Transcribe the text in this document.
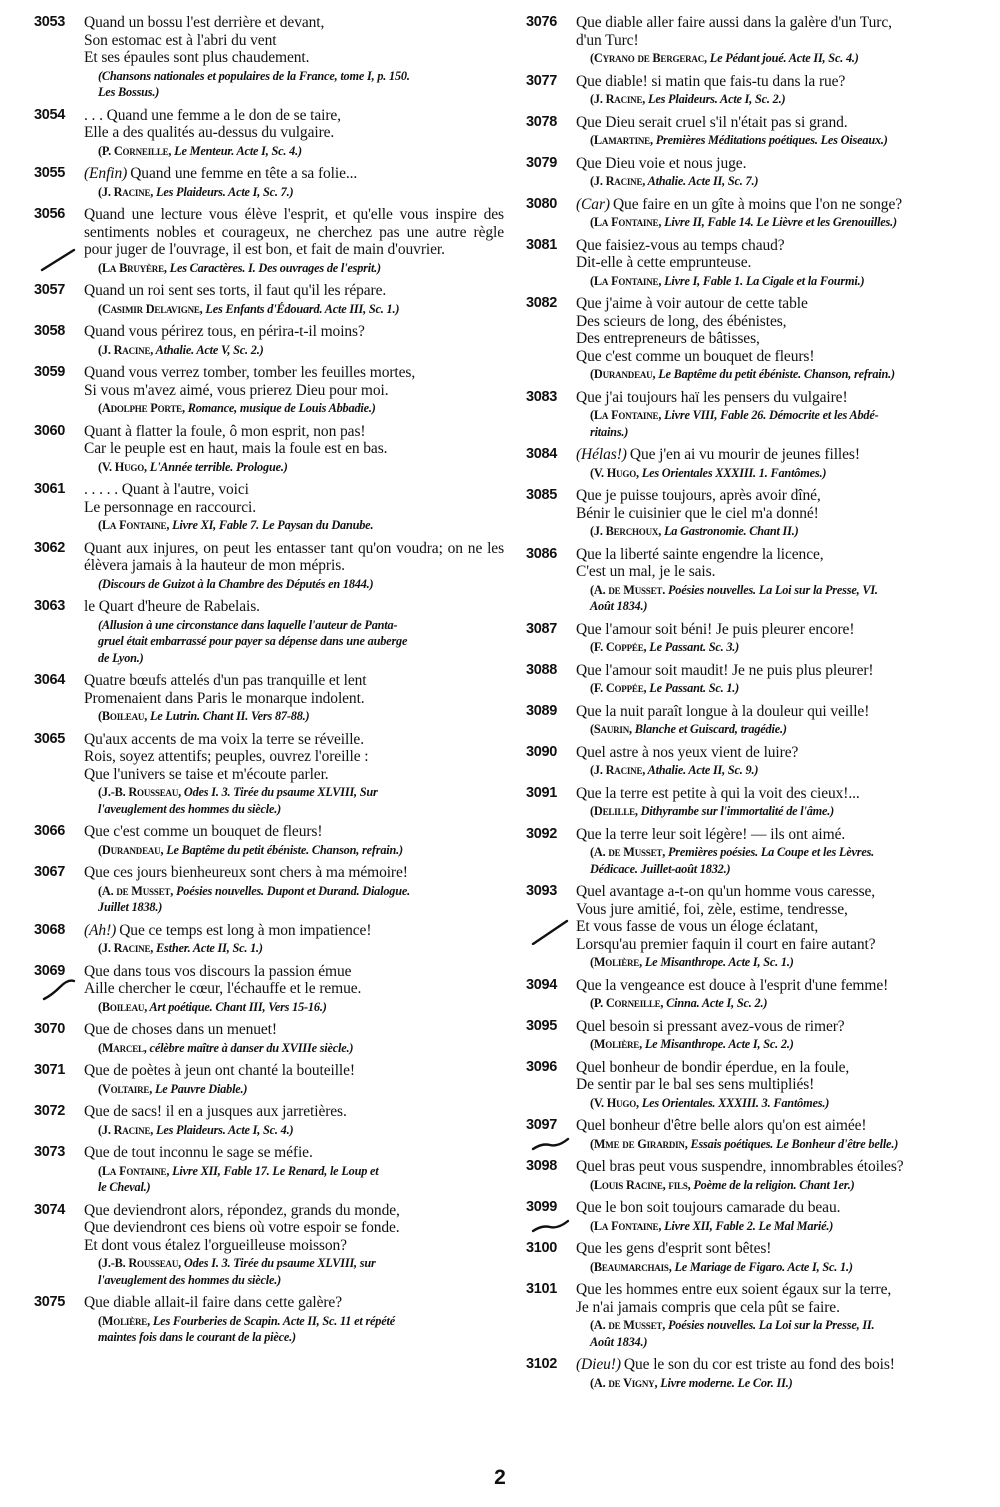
3053	Quand un bossu l'est derrière et devant,
Son estomac est à l'abri du vent
Et ses épaules sont plus chaudement.
(Chansons nationales et populaires de la France, tome I, p. 150.
Les Bossus.)
3054	. . . Quand une femme a le don de se taire,
Elle a des qualités au-dessus du vulgaire.
(P. Corneille, Le Menteur. Acte I, Sc. 4.)
3055	(Enfin) Quand une femme en tête a sa folie...
(J. Racine, Les Plaideurs. Acte I, Sc. 7.)
3056	Quand une lecture vous élève l'esprit, et qu'elle vous inspire des sentiments nobles et courageux, ne cherchez pas une autre règle pour juger de l'ouvrage, il est bon, et fait de main d'ouvrier.
(La Bruyère, Les Caractères. I. Des ouvrages de l'esprit.)
3057	Quand un roi sent ses torts, il faut qu'il les répare.
(Casimir Delavigne, Les Enfants d'Édouard. Acte III, Sc. 1.)
3058	Quand vous périrez tous, en périra-t-il moins?
(J. Racine, Athalie. Acte V, Sc. 2.)
3059	Quand vous verrez tomber, tomber les feuilles mortes,
Si vous m'avez aimé, vous prierez Dieu pour moi.
(Adolphe Porte, Romance, musique de Louis Abbadie.)
3060	Quant à flatter la foule, ô mon esprit, non pas!
Car le peuple est en haut, mais la foule est en bas.
(V. Hugo, L'Année terrible. Prologue.)
3061	. . . . . Quant à l'autre, voici
Le personnage en raccourci.
(La Fontaine, Livre XI, Fable 7. Le Paysan du Danube.
3062	Quant aux injures, on peut les entasser tant qu'on voudra; on ne les élèvera jamais à la hauteur de mon mépris.
(Discours de Guizot à la Chambre des Députés en 1844.)
3063	le Quart d'heure de Rabelais.
(Allusion à une circonstance dans laquelle l'auteur de Panta-
gruel était embarrassé pour payer sa dépense dans une auberge
de Lyon.)
3064	Quatre bœufs attelés d'un pas tranquille et lent
Promenaient dans Paris le monarque indolent.
(Boileau, Le Lutrin. Chant II. Vers 87-88.)
3065	Qu'aux accents de ma voix la terre se réveille.
Rois, soyez attentifs; peuples, ouvrez l'oreille :
Que l'univers se taise et m'écoute parler.
(J.-B. Rousseau, Odes I. 3. Tirée du psaume XLVIII, Sur
l'aveuglement des hommes du siècle.)
3066	Que c'est comme un bouquet de fleurs!
(Durandeau, Le Baptême du petit ébéniste. Chanson, refrain.)
3067	Que ces jours bienheureux sont chers à ma mémoire!
(A. de Musset, Poésies nouvelles. Dupont et Durand. Dialogue.
Juillet 1838.)
3068	(Ah!) Que ce temps est long à mon impatience!
(J. Racine, Esther. Acte II, Sc. 1.)
3069	Que dans tous vos discours la passion émue
Aille chercher le cœur, l'échauffe et le remue.
(Boileau, Art poétique. Chant III, Vers 15-16.)
3070	Que de choses dans un menuet!
(Marcel, célèbre maître à danser du XVIIIe siècle.)
3071	Que de poètes à jeun ont chanté la bouteille!
(Voltaire, Le Pauvre Diable.)
3072	Que de sacs! il en a jusques aux jarretières.
(J. Racine, Les Plaideurs. Acte I, Sc. 4.)
3073	Que de tout inconnu le sage se méfie.
(La Fontaine, Livre XII, Fable 17. Le Renard, le Loup et
le Cheval.)
3074	Que deviendront alors, répondez, grands du monde,
Que deviendront ces biens où votre espoir se fonde.
Et dont vous étalez l'orgueilleuse moisson?
(J.-B. Rousseau, Odes I. 3. Tirée du psaume XLVIII, sur
l'aveuglement des hommes du siècle.)
3075	Que diable allait-il faire dans cette galère?
(Molière, Les Fourberies de Scapin. Acte II, Sc. 11 et répété
maintes fois dans le courant de la pièce.)
3076	Que diable aller faire aussi dans la galère d'un Turc,
d'un Turc!
(Cyrano de Bergerac, Le Pédant joué. Acte II, Sc. 4.)
3077	Que diable! si matin que fais-tu dans la rue?
(J. Racine, Les Plaideurs. Acte I, Sc. 2.)
3078	Que Dieu serait cruel s'il n'était pas si grand.
(Lamartine, Premières Méditations poétiques. Les Oiseaux.)
3079	Que Dieu voie et nous juge.
(J. Racine, Athalie. Acte II, Sc. 7.)
3080	(Car) Que faire en un gîte à moins que l'on ne songe?
(La Fontaine, Livre II, Fable 14. Le Lièvre et les Grenouilles.)
3081	Que faisiez-vous au temps chaud?
Dit-elle à cette emprunteuse.
(La Fontaine, Livre I, Fable 1. La Cigale et la Fourmi.)
3082	Que j'aime à voir autour de cette table
Des scieurs de long, des ébénistes,
Des entrepreneurs de bâtisses,
Que c'est comme un bouquet de fleurs!
(Durandeau, Le Baptême du petit ébéniste. Chanson, refrain.)
3083	Que j'ai toujours haï les pensers du vulgaire!
(La Fontaine, Livre VIII, Fable 26. Démocrite et les Abdé-
ritains.)
3084	(Hélas!) Que j'en ai vu mourir de jeunes filles!
(V. Hugo, Les Orientales XXXIII. 1. Fantômes.)
3085	Que je puisse toujours, après avoir dîné,
Bénir le cuisinier que le ciel m'a donné!
(J. Berchoux, La Gastronomie. Chant II.)
3086	Que la liberté sainte engendre la licence,
C'est un mal, je le sais.
(A. de Musset. Poésies nouvelles. La Loi sur la Presse, VI.
Août 1834.)
3087	Que l'amour soit béni! Je puis pleurer encore!
(F. Coppée, Le Passant. Sc. 3.)
3088	Que l'amour soit maudit! Je ne puis plus pleurer!
(F. Coppée, Le Passant. Sc. 1.)
3089	Que la nuit paraît longue à la douleur qui veille!
(Saurin, Blanche et Guiscard, tragédie.)
3090	Quel astre à nos yeux vient de luire?
(J. Racine, Athalie. Acte II, Sc. 9.)
3091	Que la terre est petite à qui la voit des cieux!...
(Delille, Dithyrambe sur l'immortalité de l'âme.)
3092	Que la terre leur soit légère! — ils ont aimé.
(A. de Musset, Premières poésies. La Coupe et les Lèvres.
Dédicace. Juillet-août 1832.)
3093	Quel avantage a-t-on qu'un homme vous caresse,
Vous jure amitié, foi, zèle, estime, tendresse,
Et vous fasse de vous un éloge éclatant,
Lorsqu'au premier faquin il court en faire autant?
(Molière, Le Misanthrope. Acte I, Sc. 1.)
3094	Que la vengeance est douce à l'esprit d'une femme!
(P. Corneille, Cinna. Acte I, Sc. 2.)
3095	Quel besoin si pressant avez-vous de rimer?
(Molière, Le Misanthrope. Acte I, Sc. 2.)
3096	Quel bonheur de bondir éperdue, en la foule,
De sentir par le bal ses sens multipliés!
(V. Hugo, Les Orientales. XXXIII. 3. Fantômes.)
3097	Quel bonheur d'être belle alors qu'on est aimée!
(Mme de Girardin, Essais poétiques. Le Bonheur d'être belle.)
3098	Quel bras peut vous suspendre, innombrables étoiles?
(Louis Racine, fils, Poème de la religion. Chant 1er.)
3099	Que le bon soit toujours camarade du beau.
(La Fontaine, Livre XII, Fable 2. Le Mal Marié.)
3100	Que les gens d'esprit sont bêtes!
(Beaumarchais, Le Mariage de Figaro. Acte I, Sc. 1.)
3101	Que les hommes entre eux soient égaux sur la terre,
Je n'ai jamais compris que cela pût se faire.
(A. de Musset, Poésies nouvelles. La Loi sur la Presse, II.
Août 1834.)
3102	(Dieu!) Que le son du cor est triste au fond des bois!
(A. de Vigny, Livre moderne. Le Cor. II.)
2
